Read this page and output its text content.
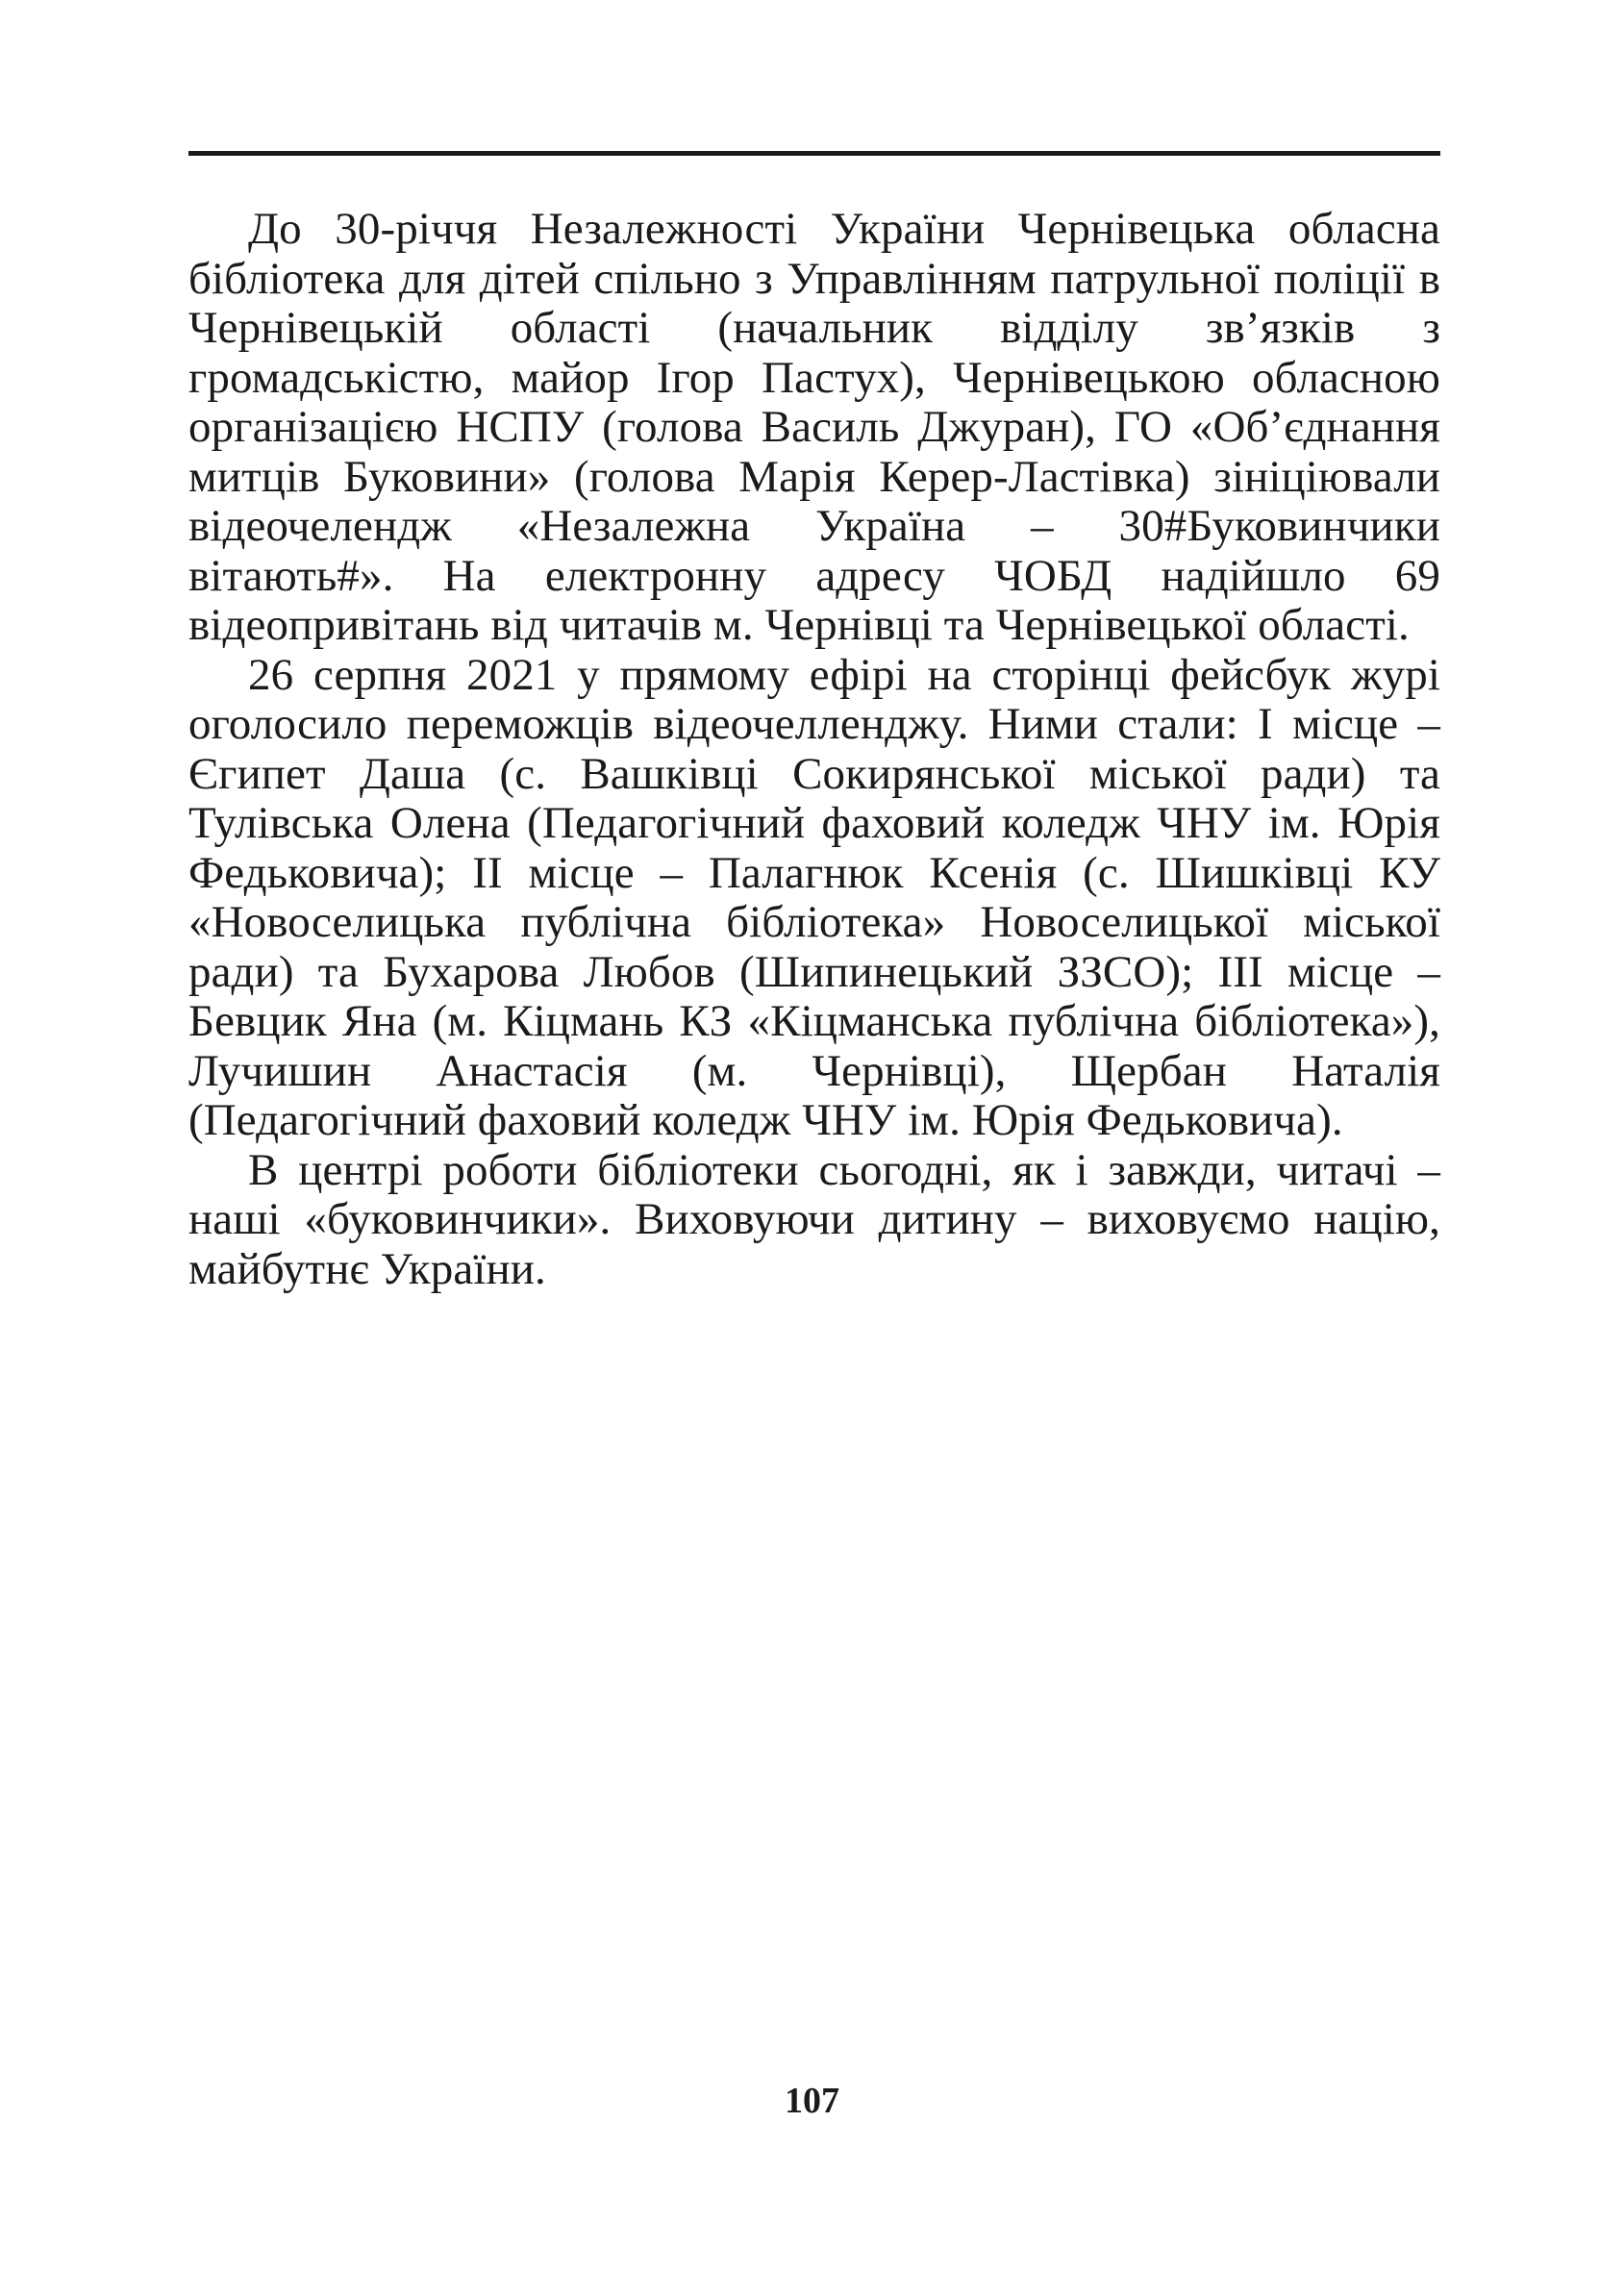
До 30-річчя Незалежності України Чернівецька обласна бібліотека для дітей спільно з Управлінням патрульної поліції в Чернівецькій області (начальник відділу зв’язків з громадськістю, майор Ігор Пастух), Чернівецькою обласною організацією НСПУ (голова Василь Джуран), ГО «Об’єднання митців Буковини» (голова Марія Керер-Ластівка) зініціювали відеочелендж «Незалежна Україна – 30#Буковинчики вітають#». На електронну адресу ЧОБД надійшло 69 відеопривітань від читачів м. Чернівці та Чернівецької області.

26 серпня 2021 у прямому ефірі на сторінці фейсбук журі оголосило переможців відеочелленджу. Ними стали: І місце – Єгипет Даша (с. Вашківці Сокирянської міської ради) та Тулівська Олена (Педагогічний фаховий коледж ЧНУ ім. Юрія Федьковича); ІІ місце – Палагнюк Ксенія (с. Шишківці КУ «Новоселицька публічна бібліотека» Новоселицької міської ради) та Бухарова Любов (Шипинецький ЗЗСО); ІІІ місце – Бевцик Яна (м. Кіцмань КЗ «Кіцманська публічна бібліотека»), Лучишин Анастасія (м. Чернівці), Щербан Наталія (Педагогічний фаховий коледж ЧНУ ім. Юрія Федьковича).

В центрі роботи бібліотеки сьогодні, як і завжди, читачі – наші «буковинчики». Виховуючи дитину – виховуємо націю, майбутнє України.

107
